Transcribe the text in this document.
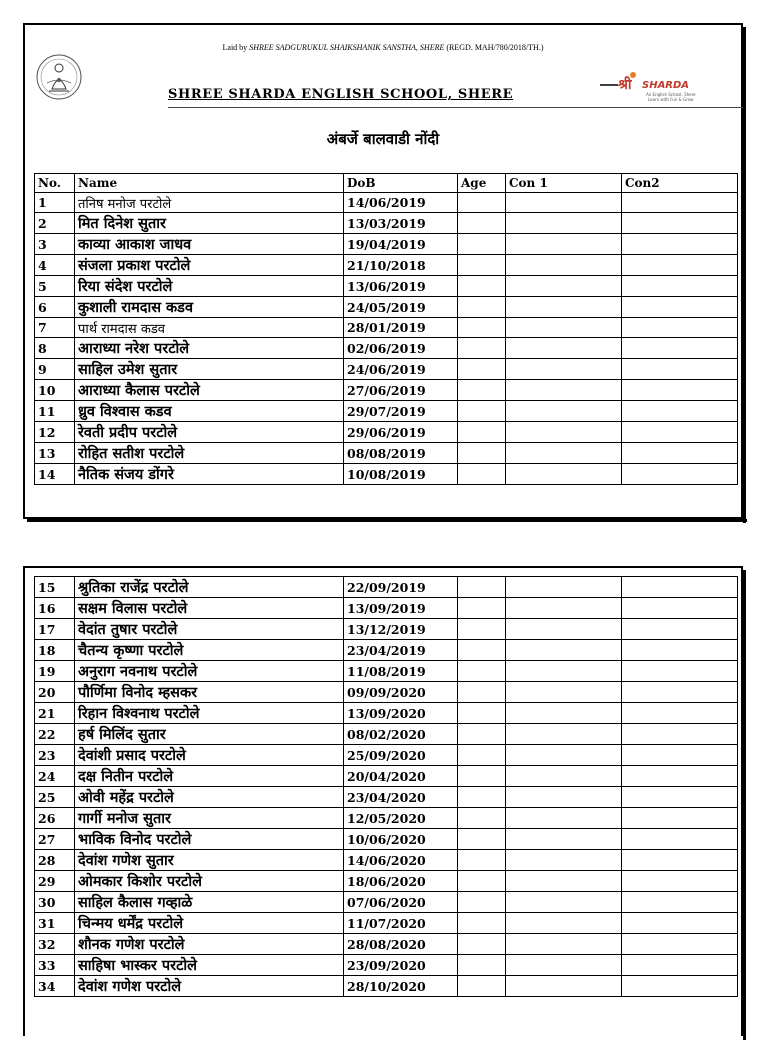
Laid by SHREE SADGURUKUL SHAIKSHANIK SANSTHA, SHERE (REGD. MAH/780/2018/TH.)
SHREE SHARDA ENGLISH SCHOOL, SHERE
श्री SHARDA
An English School, Shere
Learn with Fun & Grow
अंबर्जे बालवाडी नोंदी
No.	Name	DoB	Age	Con 1	Con2
1	तनिष मनोज परटोले	14/06/2019			
2	मित दिनेश सुतार	13/03/2019			
3	काव्या आकाश जाधव	19/04/2019			
4	संजला प्रकाश परटोले	21/10/2018			
5	रिया संदेश परटोले	13/06/2019			
6	कुशाली रामदास कडव	24/05/2019			
7	पार्थ रामदास कडव	28/01/2019			
8	आराध्या नरेश परटोले	02/06/2019			
9	साहिल उमेश सुतार	24/06/2019			
10	आराध्या कैलास परटोले	27/06/2019			
11	ध्रुव विश्वास कडव	29/07/2019			
12	रेवती प्रदीप परटोले	29/06/2019			
13	रोहित सतीश परटोले	08/08/2019			
14	नैतिक संजय डोंगरे	10/08/2019			
15	श्रुतिका राजेंद्र परटोले	22/09/2019			
16	सक्षम विलास परटोले	13/09/2019			
17	वेदांत तुषार परटोले	13/12/2019			
18	चैतन्य कृष्णा परटोले	23/04/2019			
19	अनुराग नवनाथ परटोले	11/08/2019			
20	पौर्णिमा विनोद म्हसकर	09/09/2020			
21	रिहान विश्वनाथ परटोले	13/09/2020			
22	हर्ष मिलिंद सुतार	08/02/2020			
23	देवांशी प्रसाद परटोले	25/09/2020			
24	दक्ष नितीन परटोले	20/04/2020			
25	ओवी महेंद्र परटोले	23/04/2020			
26	गार्गी मनोज सुतार	12/05/2020			
27	भाविक विनोद परटोले	10/06/2020			
28	देवांश गणेश सुतार	14/06/2020			
29	ओमकार किशोर परटोले	18/06/2020			
30	साहिल कैलास गव्हाळे	07/06/2020			
31	चिन्मय धर्मेंद्र परटोले	11/07/2020			
32	शौनक गणेश परटोले	28/08/2020			
33	साहिषा भास्कर परटोले	23/09/2020			
34	देवांश गणेश परटोले	28/10/2020			
